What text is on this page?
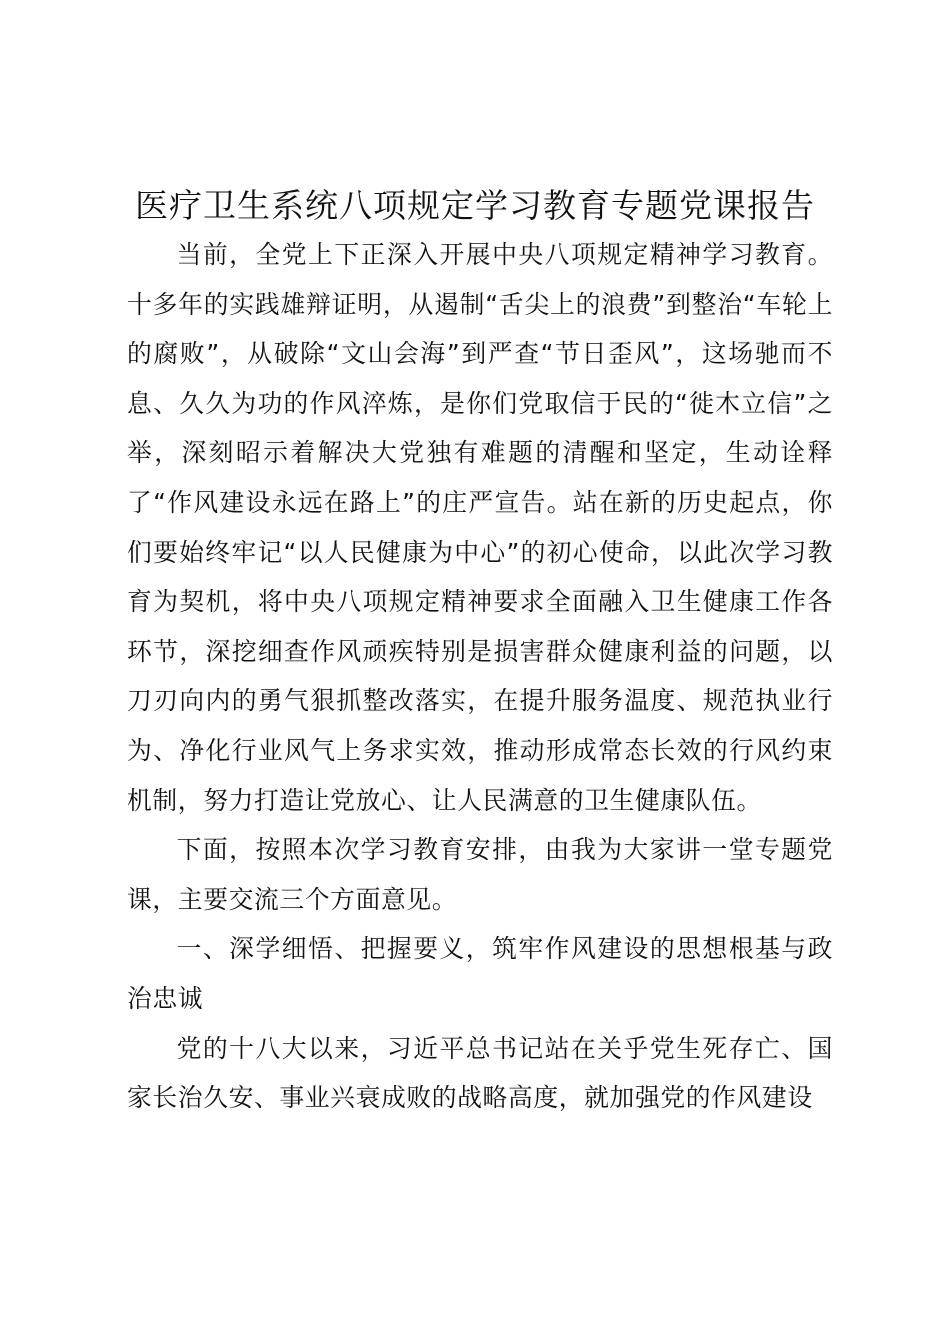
医疗卫生系统八项规定学习教育专题党课报告

当前，全党上下正深入开展中央八项规定精神学习教育。十多年的实践雄辩证明，从遏制“舌尖上的浪费”到整治“车轮上的腐败”，从破除“文山会海”到严查“节日歪风”，这场驰而不息、久久为功的作风淬炼，是你们党取信于民的“徙木立信”之举，深刻昭示着解决大党独有难题的清醒和坚定，生动诠释了“作风建设永远在路上”的庄严宣告。站在新的历史起点，你们要始终牢记“以人民健康为中心”的初心使命，以此次学习教育为契机，将中央八项规定精神要求全面融入卫生健康工作各环节，深挖细查作风顽疾特别是损害群众健康利益的问题，以刀刃向内的勇气狠抓整改落实，在提升服务温度、规范执业行为、净化行业风气上务求实效，推动形成常态长效的行风约束机制，努力打造让党放心、让人民满意的卫生健康队伍。

下面，按照本次学习教育安排，由我为大家讲一堂专题党课，主要交流三个方面意见。

一、深学细悟、把握要义，筑牢作风建设的思想根基与政治忠诚

党的十八大以来，习近平总书记站在关乎党生死存亡、国家长治久安、事业兴衰成败的战略高度，就加强党的作风建设
